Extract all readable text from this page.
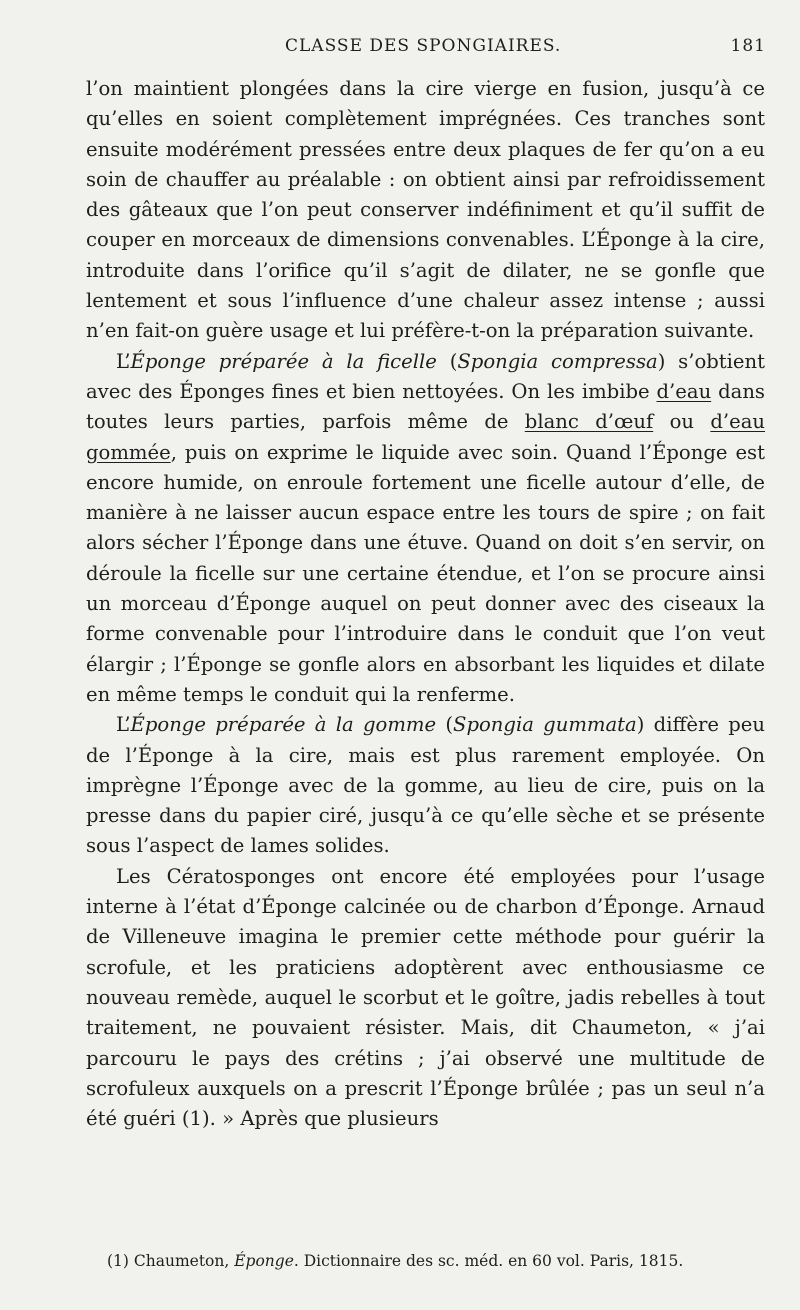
CLASSE DES SPONGIAIRES.	181

l’on maintient plongées dans la cire vierge en fusion, jusqu’à ce qu’elles en soient complètement imprégnées. Ces tranches sont ensuite modérément pressées entre deux plaques de fer qu’on a eu soin de chauffer au préalable : on obtient ainsi par refroidissement des gâteaux que l’on peut conserver indéfiniment et qu’il suffit de couper en morceaux de dimensions convenables. L’Éponge à la cire, introduite dans l’orifice qu’il s’agit de dilater, ne se gonfle que lentement et sous l’influence d’une chaleur assez intense ; aussi n’en fait-on guère usage et lui préfère-t-on la préparation suivante.

L’Éponge préparée à la ficelle (Spongia compressa) s’obtient avec des Éponges fines et bien nettoyées. On les imbibe d’eau dans toutes leurs parties, parfois même de blanc d’œuf ou d’eau gommée, puis on exprime le liquide avec soin. Quand l’Éponge est encore humide, on enroule fortement une ficelle autour d’elle, de manière à ne laisser aucun espace entre les tours de spire ; on fait alors sécher l’Éponge dans une étuve. Quand on doit s’en servir, on déroule la ficelle sur une certaine étendue, et l’on se procure ainsi un morceau d’Éponge auquel on peut donner avec des ciseaux la forme convenable pour l’introduire dans le conduit que l’on veut élargir ; l’Éponge se gonfle alors en absorbant les liquides et dilate en même temps le conduit qui la renferme.

L’Éponge préparée à la gomme (Spongia gummata) diffère peu de l’Éponge à la cire, mais est plus rarement employée. On imprègne l’Éponge avec de la gomme, au lieu de cire, puis on la presse dans du papier ciré, jusqu’à ce qu’elle sèche et se présente sous l’aspect de lames solides.

Les Cératosponges ont encore été employées pour l’usage interne à l’état d’Éponge calcinée ou de charbon d’Éponge. Arnaud de Villeneuve imagina le premier cette méthode pour guérir la scrofule, et les praticiens adoptèrent avec enthousiasme ce nouveau remède, auquel le scorbut et le goître, jadis rebelles à tout traitement, ne pouvaient résister. Mais, dit Chaumeton, « j’ai parcouru le pays des crétins ; j’ai observé une multitude de scrofuleux auxquels on a prescrit l’Éponge brûlée ; pas un seul n’a été guéri (1). » Après que plusieurs

(1) Chaumeton, Éponge. Dictionnaire des sc. méd. en 60 vol. Paris, 1815.
